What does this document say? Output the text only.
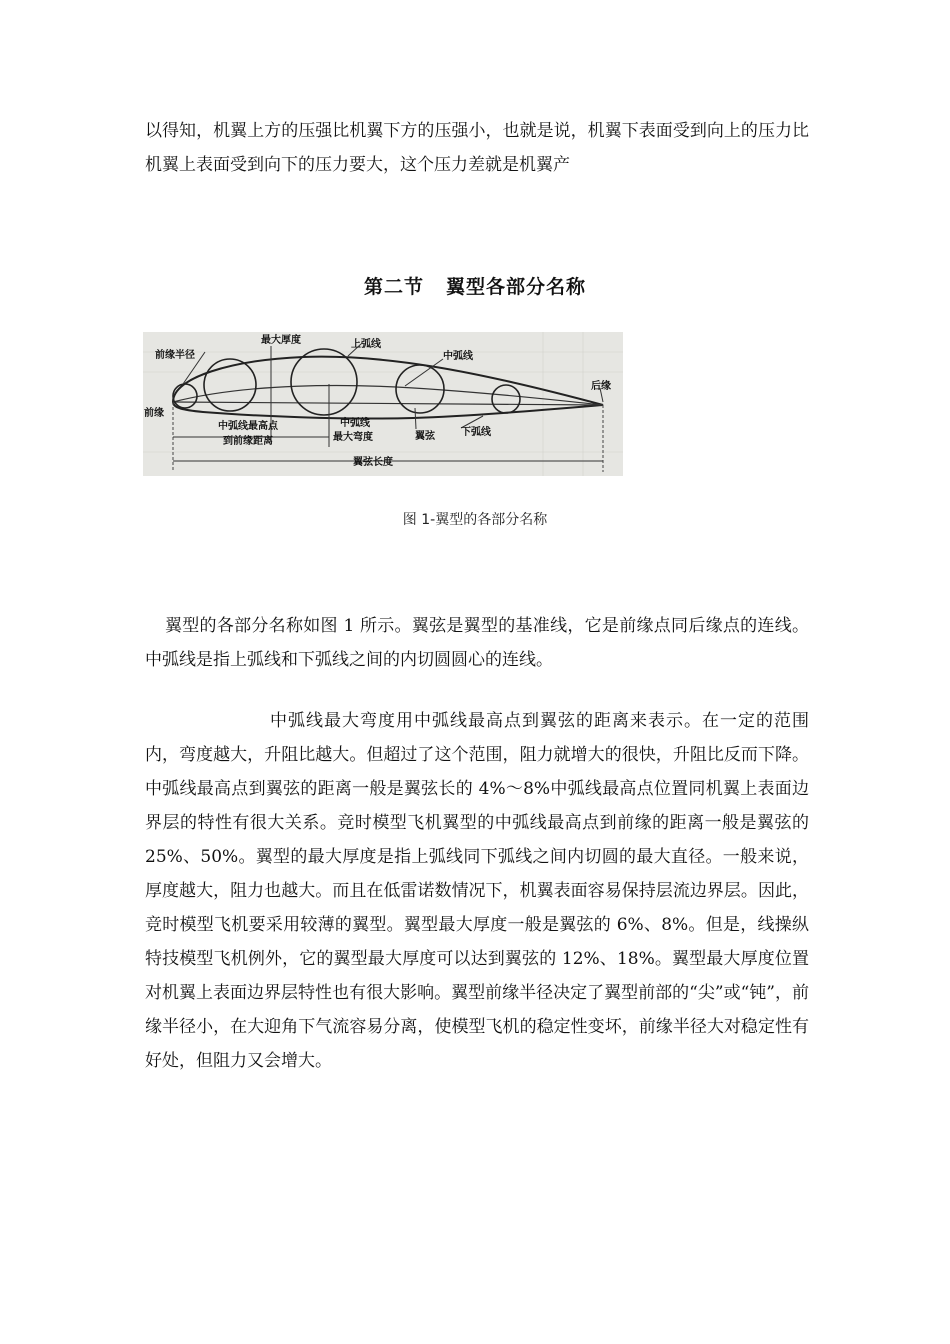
以得知，机翼上方的压强比机翼下方的压强小，也就是说，机翼下表面受到向上的压力比机翼上表面受到向下的压力要大，这个压力差就是机翼产

第二节 翼型各部分名称
前缘半径
最大厚度	上弧线
中弧线
后缘
前缘
中弧线最高点
到前缘距离
中弧线
最大弯度	翼弦	下弧线
翼弦长度
图 1-翼型的各部分名称

翼型的各部分名称如图 1 所示。翼弦是翼型的基准线，它是前缘点同后缘点的连线。中弧线是指上弧线和下弧线之间的内切圆圆心的连线。

中弧线最大弯度用中弧线最高点到翼弦的距离来表示。在一定的范围内，弯度越大，升阻比越大。但超过了这个范围，阻力就增大的很快，升阻比反而下降。中弧线最高点到翼弦的距离一般是翼弦长的 4%～8%中弧线最高点位置同机翼上表面边界层的特性有很大关系。竞时模型飞机翼型的中弧线最高点到前缘的距离一般是翼弦的 25%、50%。翼型的最大厚度是指上弧线同下弧线之间内切圆的最大直径。一般来说，厚度越大，阻力也越大。而且在低雷诺数情况下，机翼表面容易保持层流边界层。因此，竞时模型飞机要采用较薄的翼型。翼型最大厚度一般是翼弦的 6%、8%。但是，线操纵特技模型飞机例外，它的翼型最大厚度可以达到翼弦的 12%、18%。翼型最大厚度位置对机翼上表面边界层特性也有很大影响。翼型前缘半径决定了翼型前部的“尖”或“钝”，前缘半径小，在大迎角下气流容易分离，使模型飞机的稳定性变坏，前缘半径大对稳定性有好处，但阻力又会增大。
